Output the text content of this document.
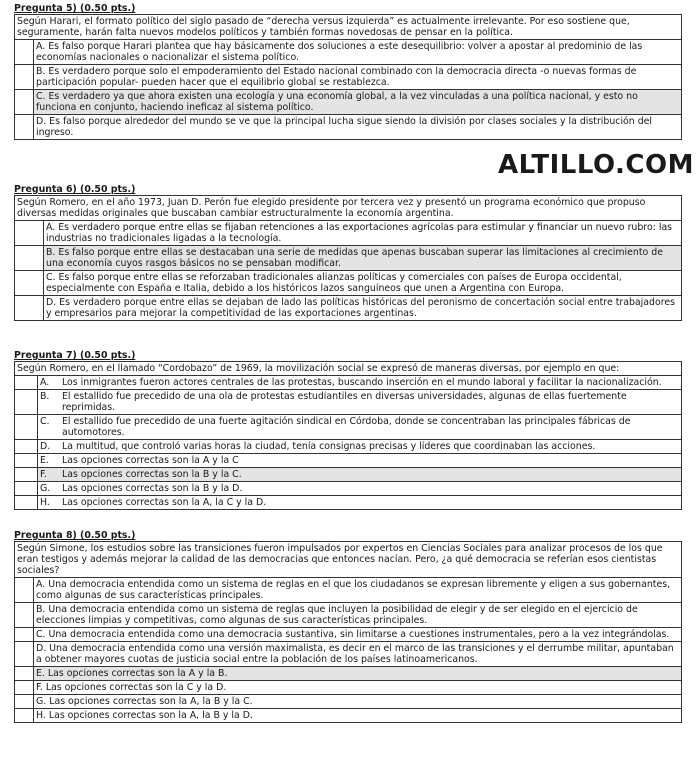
Pregunta 5) (0.50 pts.)
Según Harari, el formato político del siglo pasado de “derecha versus izquierda” es actualmente irrelevante. Por eso sostiene que, seguramente, harán falta nuevos modelos políticos y también formas novedosas de pensar en la política.
A. Es falso porque Harari plantea que hay básicamente dos soluciones a este desequilibrio: volver a apostar al predominio de las economías nacionales o nacionalizar el sistema político.
B. Es verdadero porque solo el empoderamiento del Estado nacional combinado con la democracia directa -o nuevas formas de participación popular- pueden hacer que el equilibrio global se restablezca.
C. Es verdadero ya que ahora existen una ecología y una economía global, a la vez vinculadas a una política nacional, y esto no funciona en conjunto, haciendo ineficaz al sistema político.
D. Es falso porque alrededor del mundo se ve que la principal lucha sigue siendo la división por clases sociales y la distribución del ingreso.
ALTILLO.COM
Pregunta 6) (0.50 pts.)
Según Romero, en el año 1973, Juan D. Perón fue elegido presidente por tercera vez y presentó un programa económico que propuso diversas medidas originales que buscaban cambiar estructuralmente la economía argentina.
A. Es verdadero porque entre ellas se fijaban retenciones a las exportaciones agrícolas para estimular y financiar un nuevo rubro: las industrias no tradicionales ligadas a la tecnología.
B. Es falso porque entre ellas se destacaban una serie de medidas que apenas buscaban superar las limitaciones al crecimiento de una economía cuyos rasgos básicos no se pensaban modificar.
C. Es falso porque entre ellas se reforzaban tradicionales alianzas políticas y comerciales con países de Europa occidental, especialmente con España e Italia, debido a los históricos lazos sanguíneos que unen a Argentina con Europa.
D. Es verdadero porque entre ellas se dejaban de lado las políticas históricas del peronismo de concertación social entre trabajadores y empresarios para mejorar la competitividad de las exportaciones argentinas.
Pregunta 7) (0.50 pts.)
Según Romero, en el llamado “Cordobazo” de 1969, la movilización social se expresó de maneras diversas, por ejemplo en que:
A.	Los inmigrantes fueron actores centrales de las protestas, buscando inserción en el mundo laboral y facilitar la nacionalización.
B.	El estallido fue precedido de una ola de protestas estudiantiles en diversas universidades, algunas de ellas fuertemente reprimidas.
C.	El estallido fue precedido de una fuerte agitación sindical en Córdoba, donde se concentraban las principales fábricas de automotores.
D.	La multitud, que controló varias horas la ciudad, tenía consignas precisas y líderes que coordinaban las acciones.
E.	Las opciones correctas son la A y la C
F.	Las opciones correctas son la B y la C.
G.	Las opciones correctas son la B y la D.
H.	Las opciones correctas son la A, la C y la D.
Pregunta 8) (0.50 pts.)
Según Simone, los estudios sobre las transiciones fueron impulsados por expertos en Ciencias Sociales para analizar procesos de los que eran testigos y además mejorar la calidad de las democracias que entonces nacían. Pero, ¿a qué democracia se referían esos cientistas sociales?
A. Una democracia entendida como un sistema de reglas en el que los ciudadanos se expresan libremente y eligen a sus gobernantes, como algunas de sus características principales.
B. Una democracia entendida como un sistema de reglas que incluyen la posibilidad de elegir y de ser elegido en el ejercicio de elecciones limpias y competitivas, como algunas de sus características principales.
C. Una democracia entendida como una democracia sustantiva, sin limitarse a cuestiones instrumentales, pero a la vez integrándolas.
D. Una democracia entendida como una versión maximalista, es decir en el marco de las transiciones y el derrumbe militar, apuntaban a obtener mayores cuotas de justicia social entre la población de los países latinoamericanos.
E. Las opciones correctas son la A y la B.
F. Las opciones correctas son la C y la D.
G. Las opciones correctas son la A, la B y la C.
H. Las opciones correctas son la A, la B y la D.
